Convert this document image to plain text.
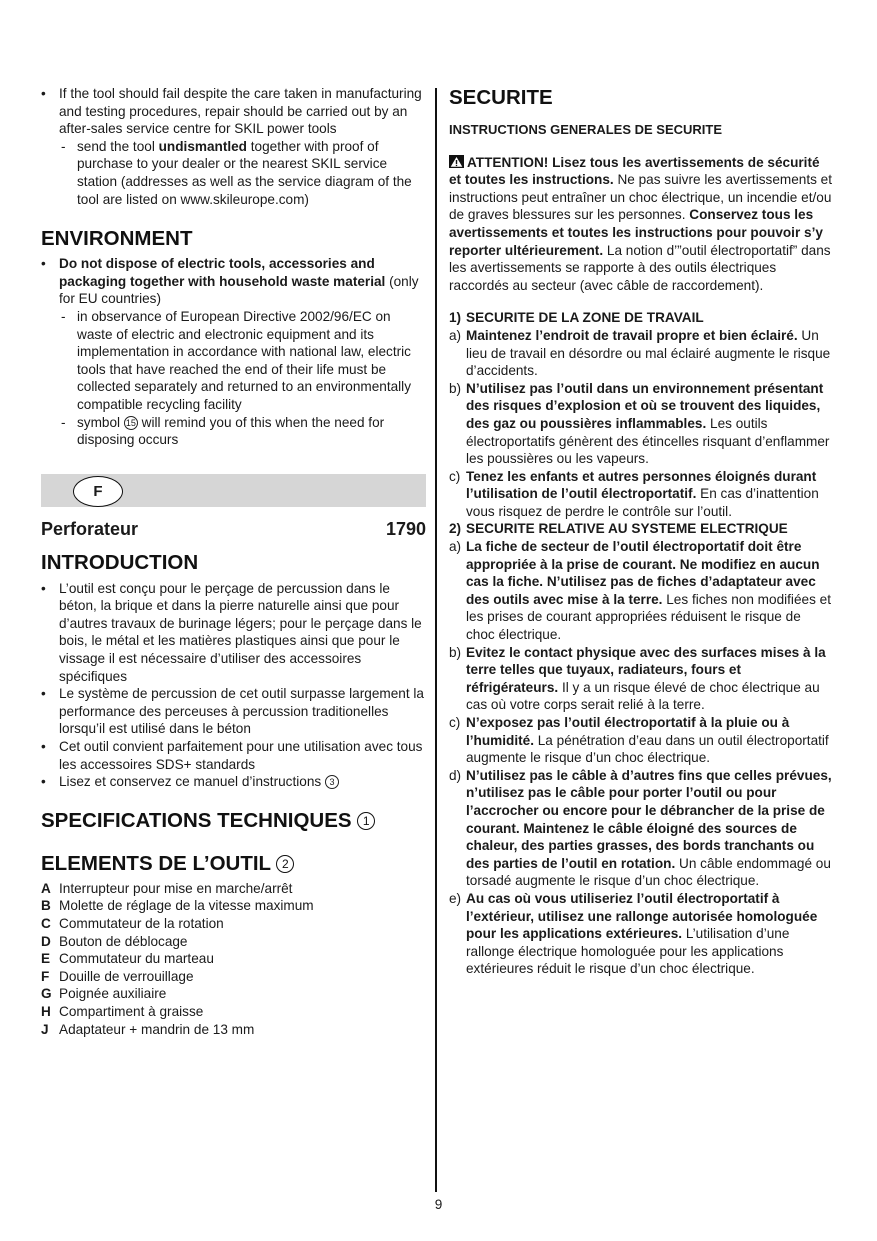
• If the tool should fail despite the care taken in manufacturing and testing procedures, repair should be carried out by an after-sales service centre for SKIL power tools
- send the tool undismantled together with proof of purchase to your dealer or the nearest SKIL service station (addresses as well as the service diagram of the tool are listed on www.skileurope.com)
ENVIRONMENT
• Do not dispose of electric tools, accessories and packaging together with household waste material (only for EU countries)
- in observance of European Directive 2002/96/EC on waste of electric and electronic equipment and its implementation in accordance with national law, electric tools that have reached the end of their life must be collected separately and returned to an environmentally compatible recycling facility
- symbol 15 will remind you of this when the need for disposing occurs
F
Perforateur	1790
INTRODUCTION
• L’outil est conçu pour le perçage de percussion dans le béton, la brique et dans la pierre naturelle ainsi que pour d’autres travaux de burinage légers; pour le perçage dans le bois, le métal et les matières plastiques ainsi que pour le vissage il est nécessaire d’utiliser des accessoires spécifiques
• Le système de percussion de cet outil surpasse largement la performance des perceuses à percussion traditionelles lorsqu’il est utilisé dans le béton
• Cet outil convient parfaitement pour une utilisation avec tous les accessoires SDS+ standards
• Lisez et conservez ce manuel d’instructions 3
SPECIFICATIONS TECHNIQUES 1
ELEMENTS DE L’OUTIL 2
A Interrupteur pour mise en marche/arrêt
B Molette de réglage de la vitesse maximum
C Commutateur de la rotation
D Bouton de déblocage
E Commutateur du marteau
F Douille de verrouillage
G Poignée auxiliaire
H Compartiment à graisse
J Adaptateur + mandrin de 13 mm
SECURITE
INSTRUCTIONS GENERALES DE SECURITE
ATTENTION! Lisez tous les avertissements de sécurité et toutes les instructions. Ne pas suivre les avertissements et instructions peut entraîner un choc électrique, un incendie et/ou de graves blessures sur les personnes. Conservez tous les avertissements et toutes les instructions pour pouvoir s’y reporter ultérieurement. La notion d’”outil électroportatif” dans les avertissements se rapporte à des outils électriques raccordés au secteur (avec câble de raccordement).
1) SECURITE DE LA ZONE DE TRAVAIL
a) Maintenez l’endroit de travail propre et bien éclairé. Un lieu de travail en désordre ou mal éclairé augmente le risque d’accidents.
b) N’utilisez pas l’outil dans un environnement présentant des risques d’explosion et où se trouvent des liquides, des gaz ou poussières inflammables. Les outils électroportatifs génèrent des étincelles risquant d’enflammer les poussières ou les vapeurs.
c) Tenez les enfants et autres personnes éloignés durant l’utilisation de l’outil électroportatif. En cas d’inattention vous risquez de perdre le contrôle sur l’outil.
2) SECURITE RELATIVE AU SYSTEME ELECTRIQUE
a) La fiche de secteur de l’outil électroportatif doit être appropriée à la prise de courant. Ne modifiez en aucun cas la fiche. N’utilisez pas de fiches d’adaptateur avec des outils avec mise à la terre. Les fiches non modifiées et les prises de courant appropriées réduisent le risque de choc électrique.
b) Evitez le contact physique avec des surfaces mises à la terre telles que tuyaux, radiateurs, fours et réfrigérateurs. Il y a un risque élevé de choc électrique au cas où votre corps serait relié à la terre.
c) N’exposez pas l’outil électroportatif à la pluie ou à l’humidité. La pénétration d’eau dans un outil électroportatif augmente le risque d’un choc électrique.
d) N’utilisez pas le câble à d’autres fins que celles prévues, n’utilisez pas le câble pour porter l’outil ou pour l’accrocher ou encore pour le débrancher de la prise de courant. Maintenez le câble éloigné des sources de chaleur, des parties grasses, des bords tranchants ou des parties de l’outil en rotation. Un câble endommagé ou torsadé augmente le risque d’un choc électrique.
e) Au cas où vous utiliseriez l’outil électroportatif à l’extérieur, utilisez une rallonge autorisée homologuée pour les applications extérieures. L’utilisation d’une rallonge électrique homologuée pour les applications extérieures réduit le risque d’un choc électrique.
9
